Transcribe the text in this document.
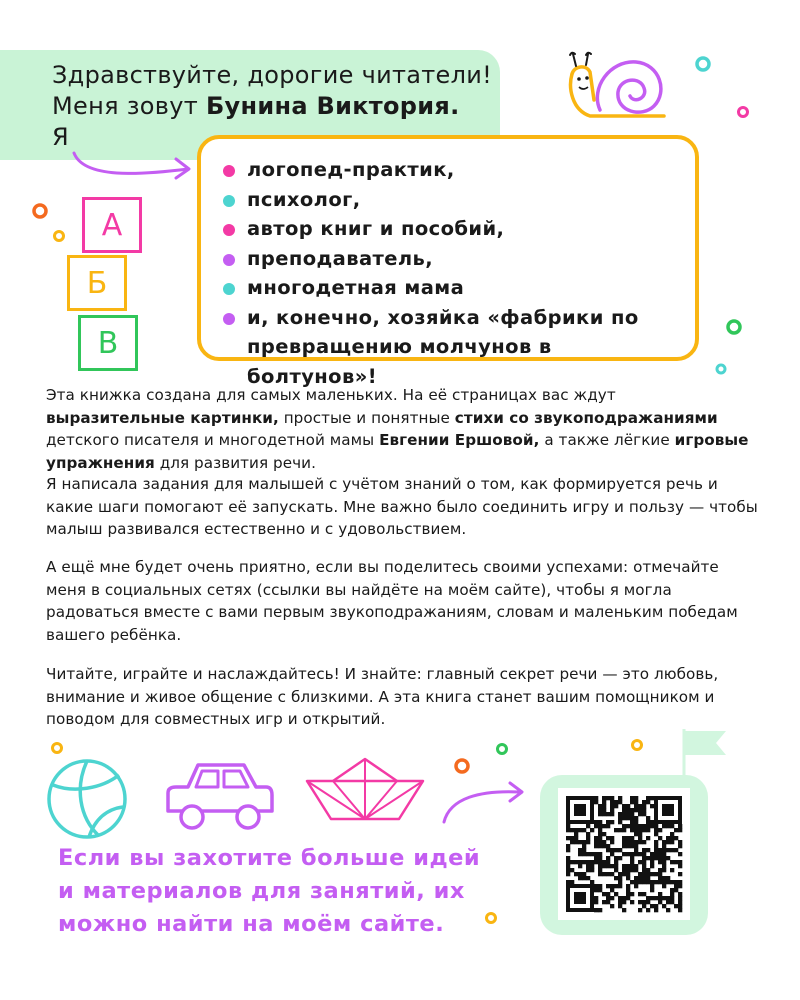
Здравствуйте, дорогие читатели!
Меня зовут Бунина Виктория.
Я
логопед-практик,
психолог,
автор книг и пособий,
преподаватель,
многодетная мама
и, конечно, хозяйка «фабрики по превращению молчунов в болтунов»!
А
Б
В
Эта книжка создана для самых маленьких. На её страницах вас ждут выразительные картинки, простые и понятные стихи со звукоподражаниями детского писателя и многодетной мамы Евгении Ершовой, а также лёгкие игровые упражнения для развития речи.
Я написала задания для малышей с учётом знаний о том, как формируется речь и какие шаги помогают её запускать. Мне важно было соединить игру и пользу — чтобы малыш развивался естественно и с удовольствием.
А ещё мне будет очень приятно, если вы поделитесь своими успехами: отмечайте меня в социальных сетях (ссылки вы найдёте на моём сайте), чтобы я могла радоваться вместе с вами первым звукоподражаниям, словам и маленьким победам вашего ребёнка.
Читайте, играйте и наслаждайтесь! И знайте: главный секрет речи — это любовь, внимание и живое общение с близкими. А эта книга станет вашим помощником и поводом для совместных игр и открытий.
Если вы захотите больше идей и материалов для занятий, их можно найти на моём сайте.
